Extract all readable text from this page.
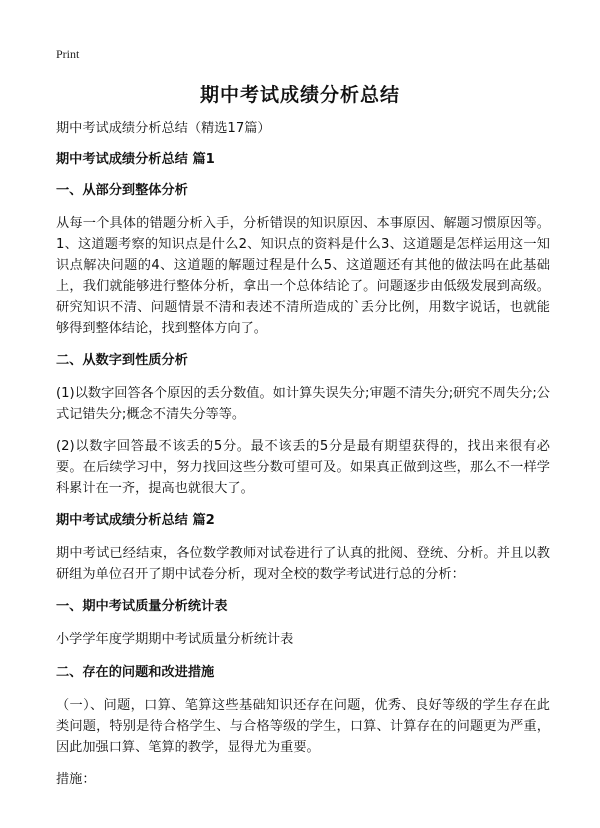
Print
期中考试成绩分析总结

期中考试成绩分析总结（精选17篇）

期中考试成绩分析总结 篇1

一、从部分到整体分析

从每一个具体的错题分析入手，分析错误的知识原因、本事原因、解题习惯原因等。1、这道题考察的知识点是什么2、知识点的资料是什么3、这道题是怎样运用这一知识点解决问题的4、这道题的解题过程是什么5、这道题还有其他的做法吗在此基础上，我们就能够进行整体分析，拿出一个总体结论了。问题逐步由低级发展到高级。研究知识不清、问题情景不清和表述不清所造成的`丢分比例，用数字说话，也就能够得到整体结论，找到整体方向了。

二、从数字到性质分析

(1)以数字回答各个原因的丢分数值。如计算失误失分;审题不清失分;研究不周失分;公式记错失分;概念不清失分等等。

(2)以数字回答最不该丢的5分。最不该丢的5分是最有期望获得的，找出来很有必要。在后续学习中，努力找回这些分数可望可及。如果真正做到这些，那么不一样学科累计在一齐，提高也就很大了。

期中考试成绩分析总结 篇2

期中考试已经结束，各位数学教师对试卷进行了认真的批阅、登统、分析。并且以教研组为单位召开了期中试卷分析，现对全校的数学考试进行总的分析：

一、期中考试质量分析统计表

小学学年度学期期中考试质量分析统计表

二、存在的问题和改进措施

（一）、问题，口算、笔算这些基础知识还存在问题，优秀、良好等级的学生存在此类问题，特别是待合格学生、与合格等级的学生，口算、计算存在的问题更为严重，因此加强口算、笔算的教学，显得尤为重要。

措施：
